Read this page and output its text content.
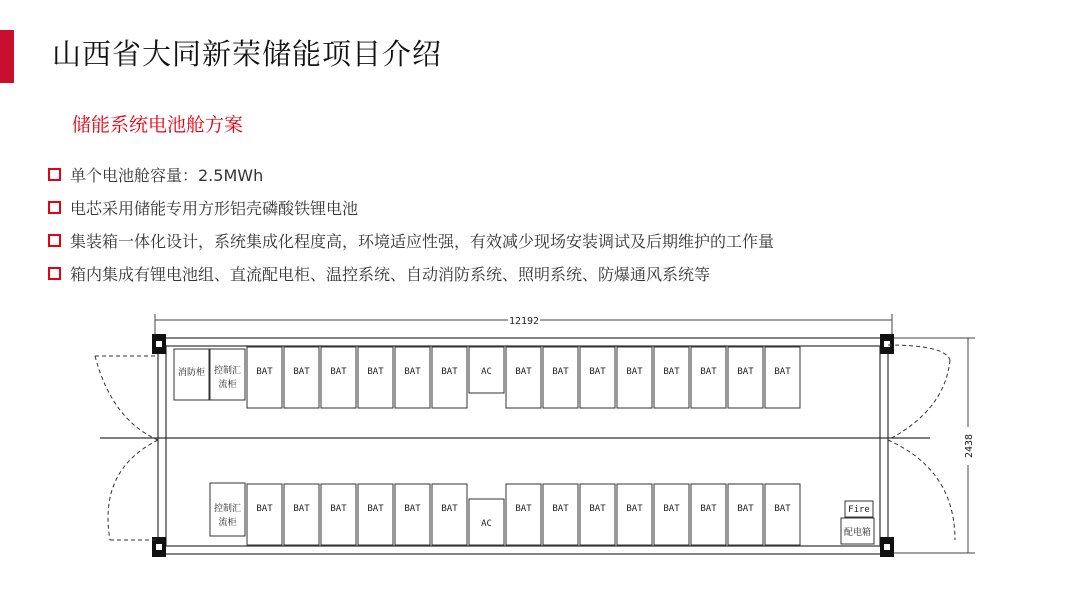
山西省大同新荣储能项目介绍
储能系统电池舱方案
单个电池舱容量：2.5MWh
电芯采用储能专用方形铝壳磷酸铁锂电池
集装箱一体化设计，系统集成化程度高，环境适应性强，有效减少现场安装调试及后期维护的工作量
箱内集成有锂电池组、直流配电柜、温控系统、自动消防系统、照明系统、防爆通风系统等
12192
2438
消防柜 控制汇
流柜
控制汇
流柜
Fire
配电箱
BAT BAT BAT BAT BAT BAT	AC	BAT BAT BAT BAT BAT BAT BAT BAT
BAT BAT BAT BAT BAT BAT
AC
BAT BAT BAT BAT BAT BAT BAT BAT
